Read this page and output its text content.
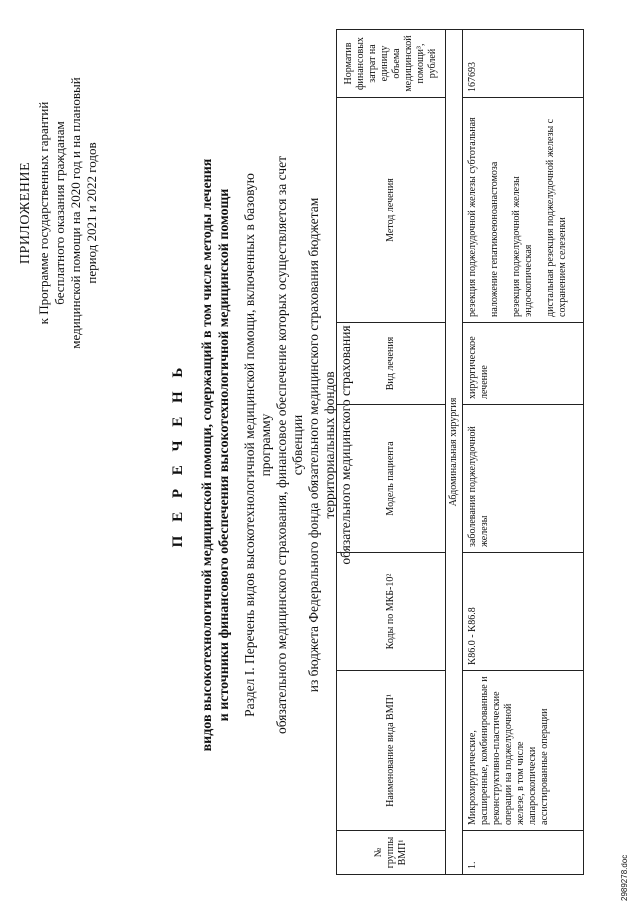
ПРИЛОЖЕНИЕ к Программе государственных гарантий бесплатного оказания гражданам медицинской помощи на 2020 год и на плановый период 2021 и 2022 годов
П Е Р Е Ч Е Н Ь видов высокотехнологичной медицинской помощи, содержащий в том числе методы лечения и источники финансового обеспечения высокотехнологичной медицинской помощи Раздел I. Перечень видов высокотехнологичной медицинской помощи, включенных в базовую программу обязательного медицинского страхования, финансовое обеспечение которых осуществляется за счет субвенции из бюджета Федерального фонда обязательного медицинского страхования бюджетам территориальных фондов обязательного медицинского страхования
№ группы ВМП¹	Наименование вида ВМП¹	Коды по МКБ-10²	Модель пациента	Вид лечения	Метод лечения	Норматив финансовых затрат на единицу объема медицинской помощи³, рублей
Абдоминальная хирургия						
1.	Микрохирургические, расширенные, комбинированные и реконструктивно-пластические операции на поджелудочной железе, в том числе лапароскопически ассистированные операции	K86.0 - K86.8	заболевания поджелудочной железы	хирургическое лечение	резекция поджелудочной железы субтотальная наложение гепатикоеюноанастомоза резекция поджелудочной железы эндоскопическая дистальная резекция поджелудочной железы с сохранением селезенки	167693
2989278.doc
